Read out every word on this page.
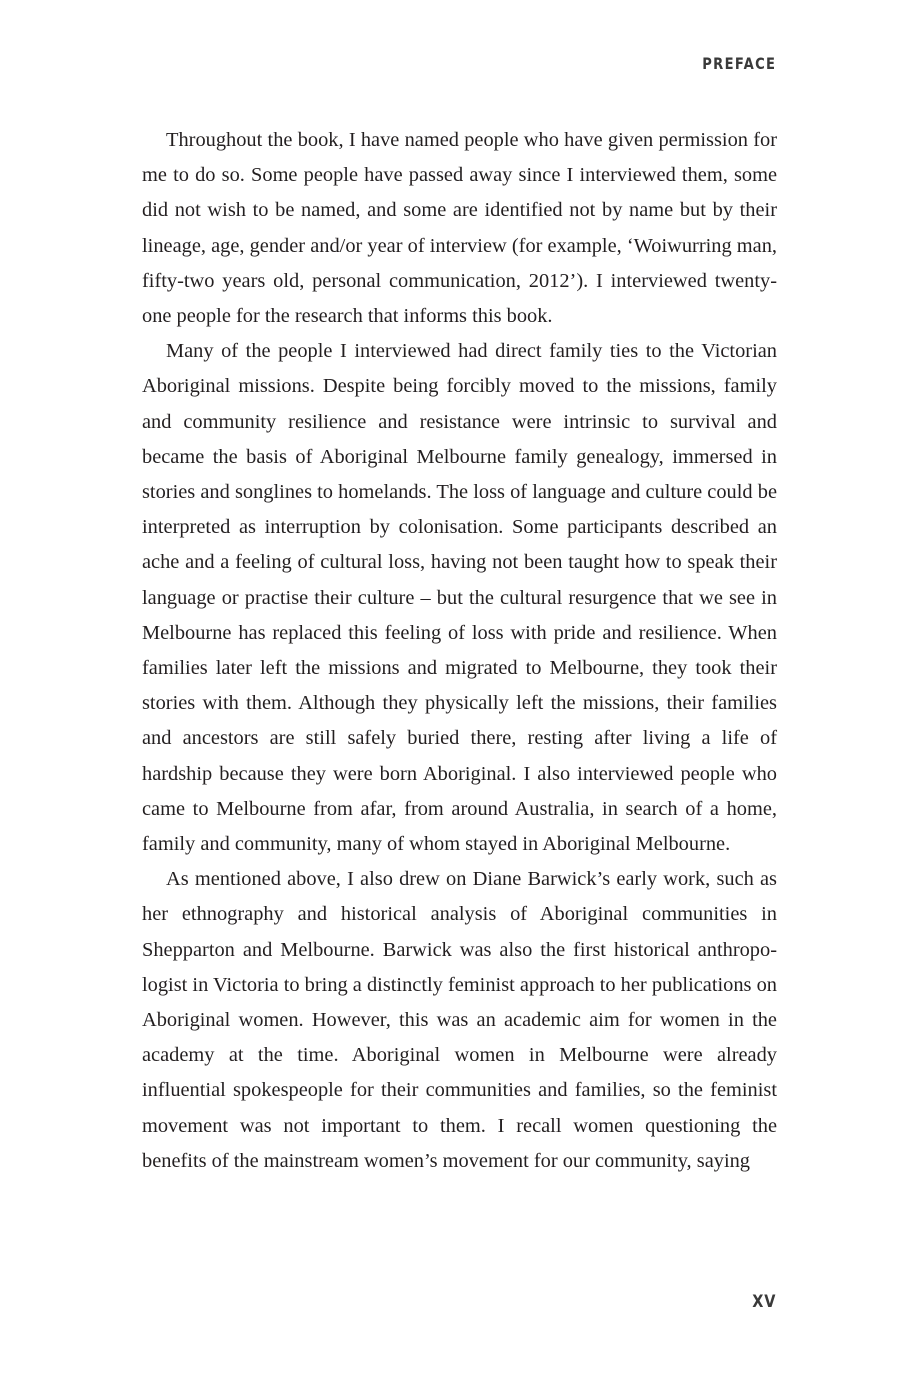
PREFACE

Throughout the book, I have named people who have given permission for me to do so. Some people have passed away since I interviewed them, some did not wish to be named, and some are identified not by name but by their lineage, age, gender and/or year of interview (for example, ‘Woiwurring man, fifty-two years old, personal communication, 2012’). I interviewed twenty-one people for the research that informs this book.

Many of the people I interviewed had direct family ties to the Victorian Aboriginal missions. Despite being forcibly moved to the missions, family and community resilience and resistance were intrinsic to survival and became the basis of Aboriginal Melbourne family genealogy, immersed in stories and songlines to homelands. The loss of language and culture could be interpreted as interruption by colonisation. Some participants described an ache and a feeling of cultural loss, having not been taught how to speak their language or practise their culture – but the cultural resurgence that we see in Melbourne has replaced this feeling of loss with pride and resilience. When families later left the missions and migrated to Melbourne, they took their stories with them. Although they physically left the missions, their families and ancestors are still safely buried there, resting after living a life of hardship because they were born Aboriginal. I also interviewed people who came to Melbourne from afar, from around Australia, in search of a home, family and community, many of whom stayed in Aboriginal Melbourne.

As mentioned above, I also drew on Diane Barwick’s early work, such as her ethnography and historical analysis of Aboriginal communities in Shepparton and Melbourne. Barwick was also the first historical anthropologist in Victoria to bring a distinctly feminist approach to her publications on Aboriginal women. However, this was an academic aim for women in the academy at the time. Aboriginal women in Melbourne were already influential spokespeople for their communities and families, so the feminist movement was not important to them. I recall women questioning the benefits of the mainstream women’s movement for our community, saying

XV
